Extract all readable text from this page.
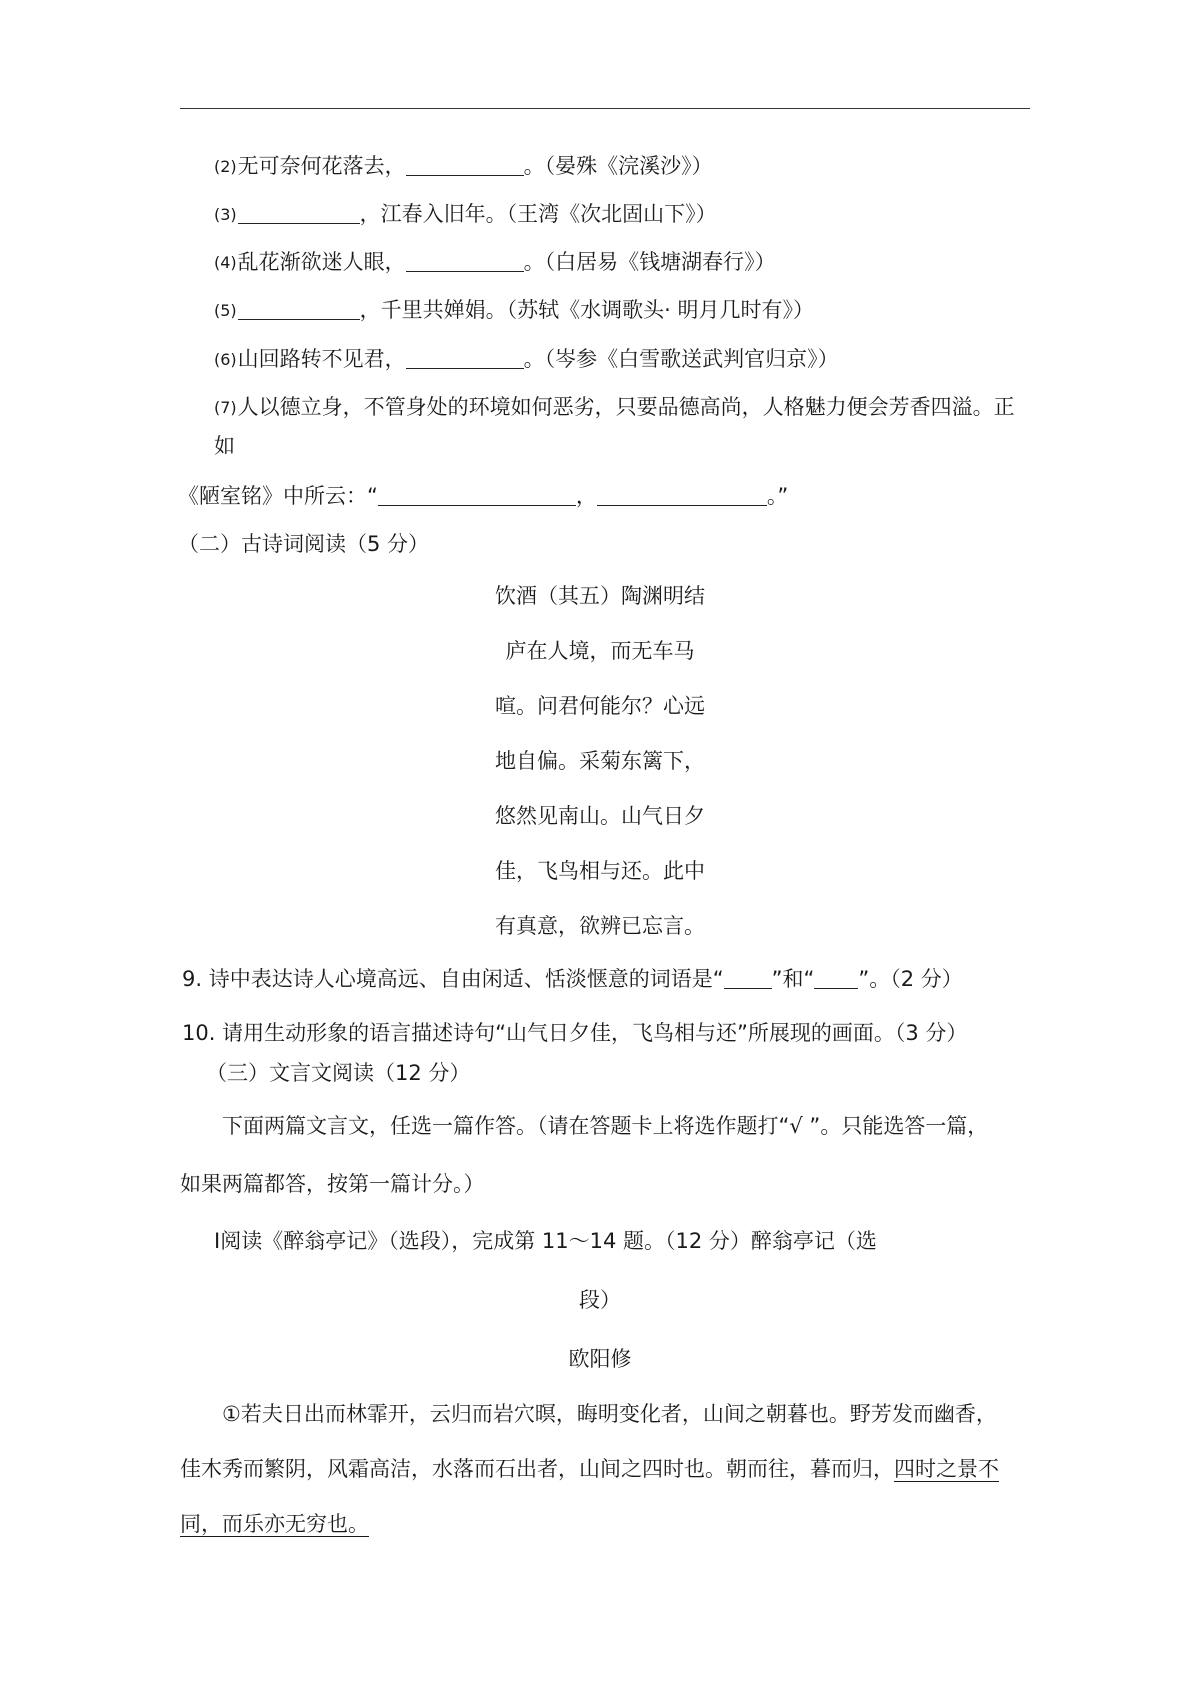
(2)无可奈何花落去，	。（晏殊《浣溪沙》）
(3)	，江春入旧年。（王湾《次北固山下》）
(4)乱花渐欲迷人眼，	。（白居易《钱塘湖春行》）
(5)	，千里共婵娟。（苏轼《水调歌头· 明月几时有》）
(6)山回路转不见君，	。（岑参《白雪歌送武判官归京》）
(7)人以德立身，不管身处的环境如何恶劣，只要品德高尚，人格魅力便会芳香四溢。正
如
《陋室铭》中所云：“	，	。”
（二）古诗词阅读（5 分）
饮酒（其五）陶渊明结
庐在人境，而无车马
喧。问君何能尔？心远
地自偏。采菊东篱下，
悠然见南山。山气日夕
佳，飞鸟相与还。此中
有真意，欲辨已忘言。
9. 诗中表达诗人心境高远、自由闲适、恬淡惬意的词语是“ ”和“ ”。（2 分）
10. 请用生动形象的语言描述诗句“山气日夕佳，飞鸟相与还”所展现的画面。（3 分）
（三）文言文阅读（12 分）
下面两篇文言文，任选一篇作答。（请在答题卡上将选作题打“√ ”。只能选答一篇，
如果两篇都答，按第一篇计分。）
Ⅰ阅读《醉翁亭记》（选段），完成第 11～14 题。（12 分）醉翁亭记（选
段）
欧阳修
①若夫日出而林霏开，云归而岩穴暝，晦明变化者，山间之朝暮也。野芳发而幽香，
佳木秀而繁阴，风霜高洁，水落而石出者，山间之四时也。朝而往，暮而归，四时之景不
同，而乐亦无穷也。
